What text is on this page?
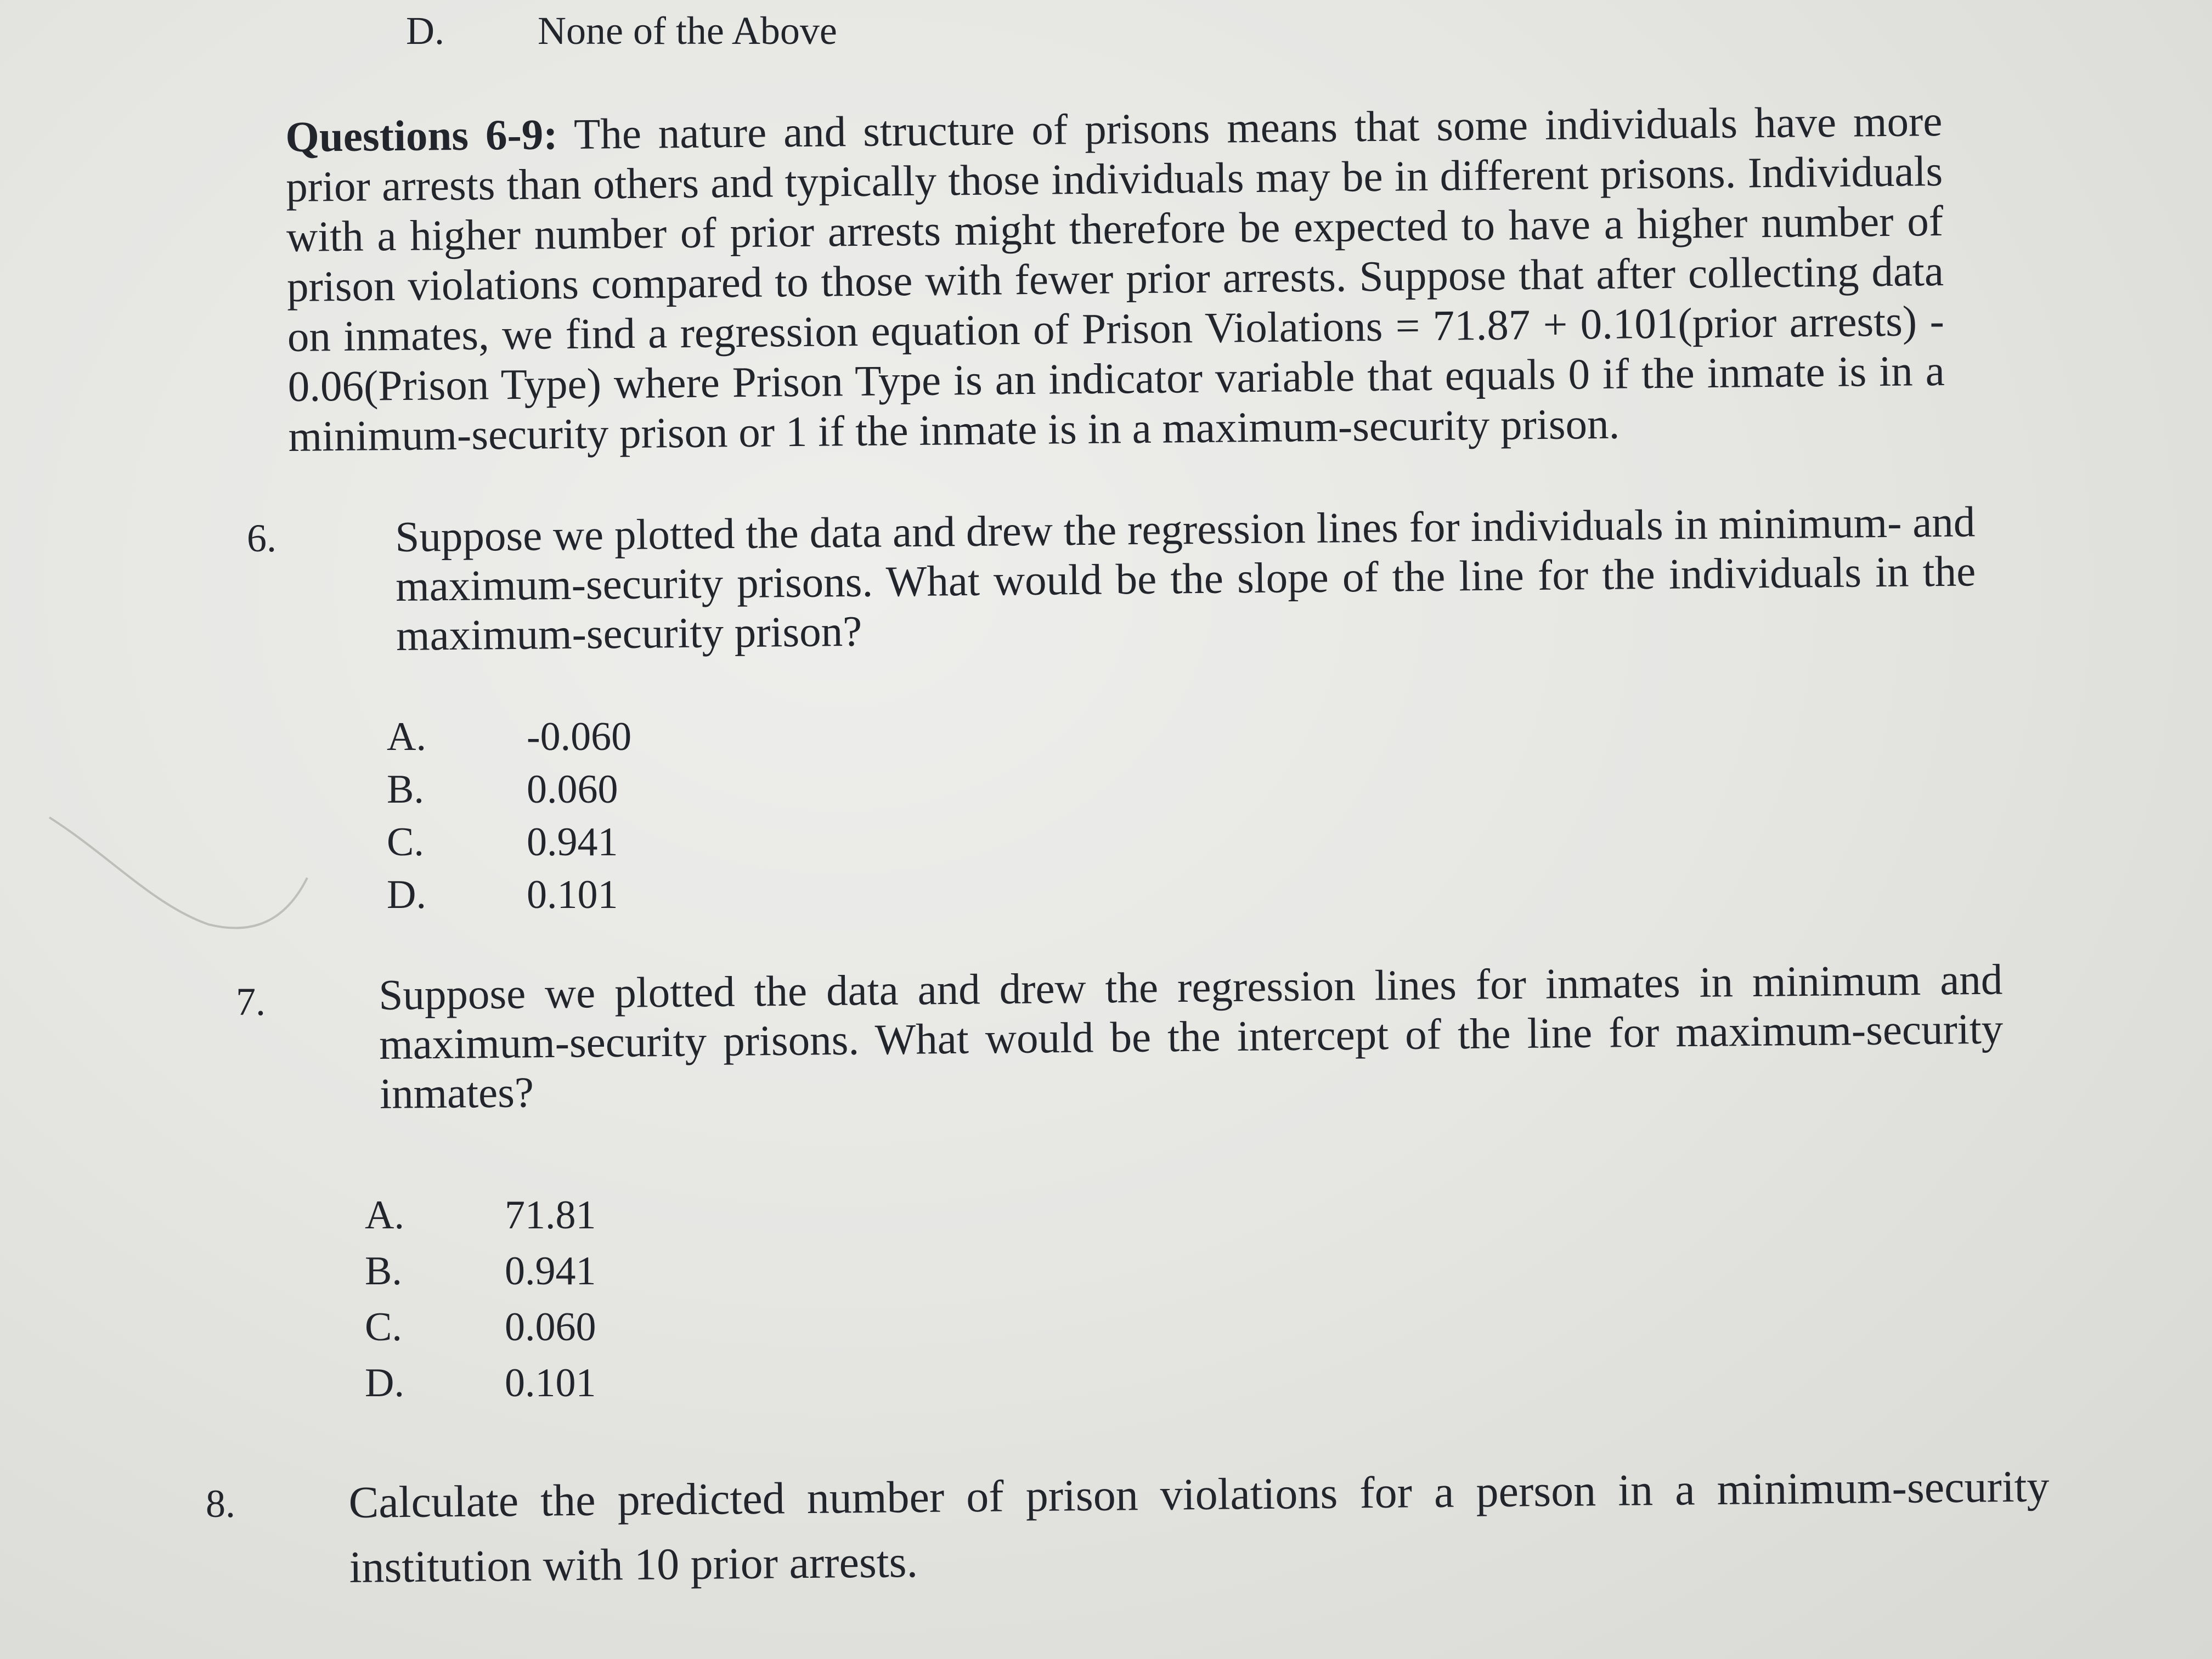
D. None of the Above
Questions 6-9: The nature and structure of prisons means that some individuals have more prior arrests than others and typically those individuals may be in different prisons. Individuals with a higher number of prior arrests might therefore be expected to have a higher number of prison violations compared to those with fewer prior arrests. Suppose that after collecting data on inmates, we find a regression equation of Prison Violations = 71.87 + 0.101(prior arrests) - 0.06(Prison Type) where Prison Type is an indicator variable that equals 0 if the inmate is in a minimum-security prison or 1 if the inmate is in a maximum-security prison.
6.	Suppose we plotted the data and drew the regression lines for individuals in minimum- and maximum-security prisons. What would be the slope of the line for the individuals in the maximum-security prison?
A. -0.060
B.	0.060
C.	0.941
D. 0.101
7.	Suppose we plotted the data and drew the regression lines for inmates in minimum and maximum-security prisons. What would be the intercept of the line for maximum-security inmates?
A. 71.81
B.	0.941
C.	0.060
D. 0.101
8.	Calculate the predicted number of prison violations for a person in a minimum-security institution with 10 prior arrests.
